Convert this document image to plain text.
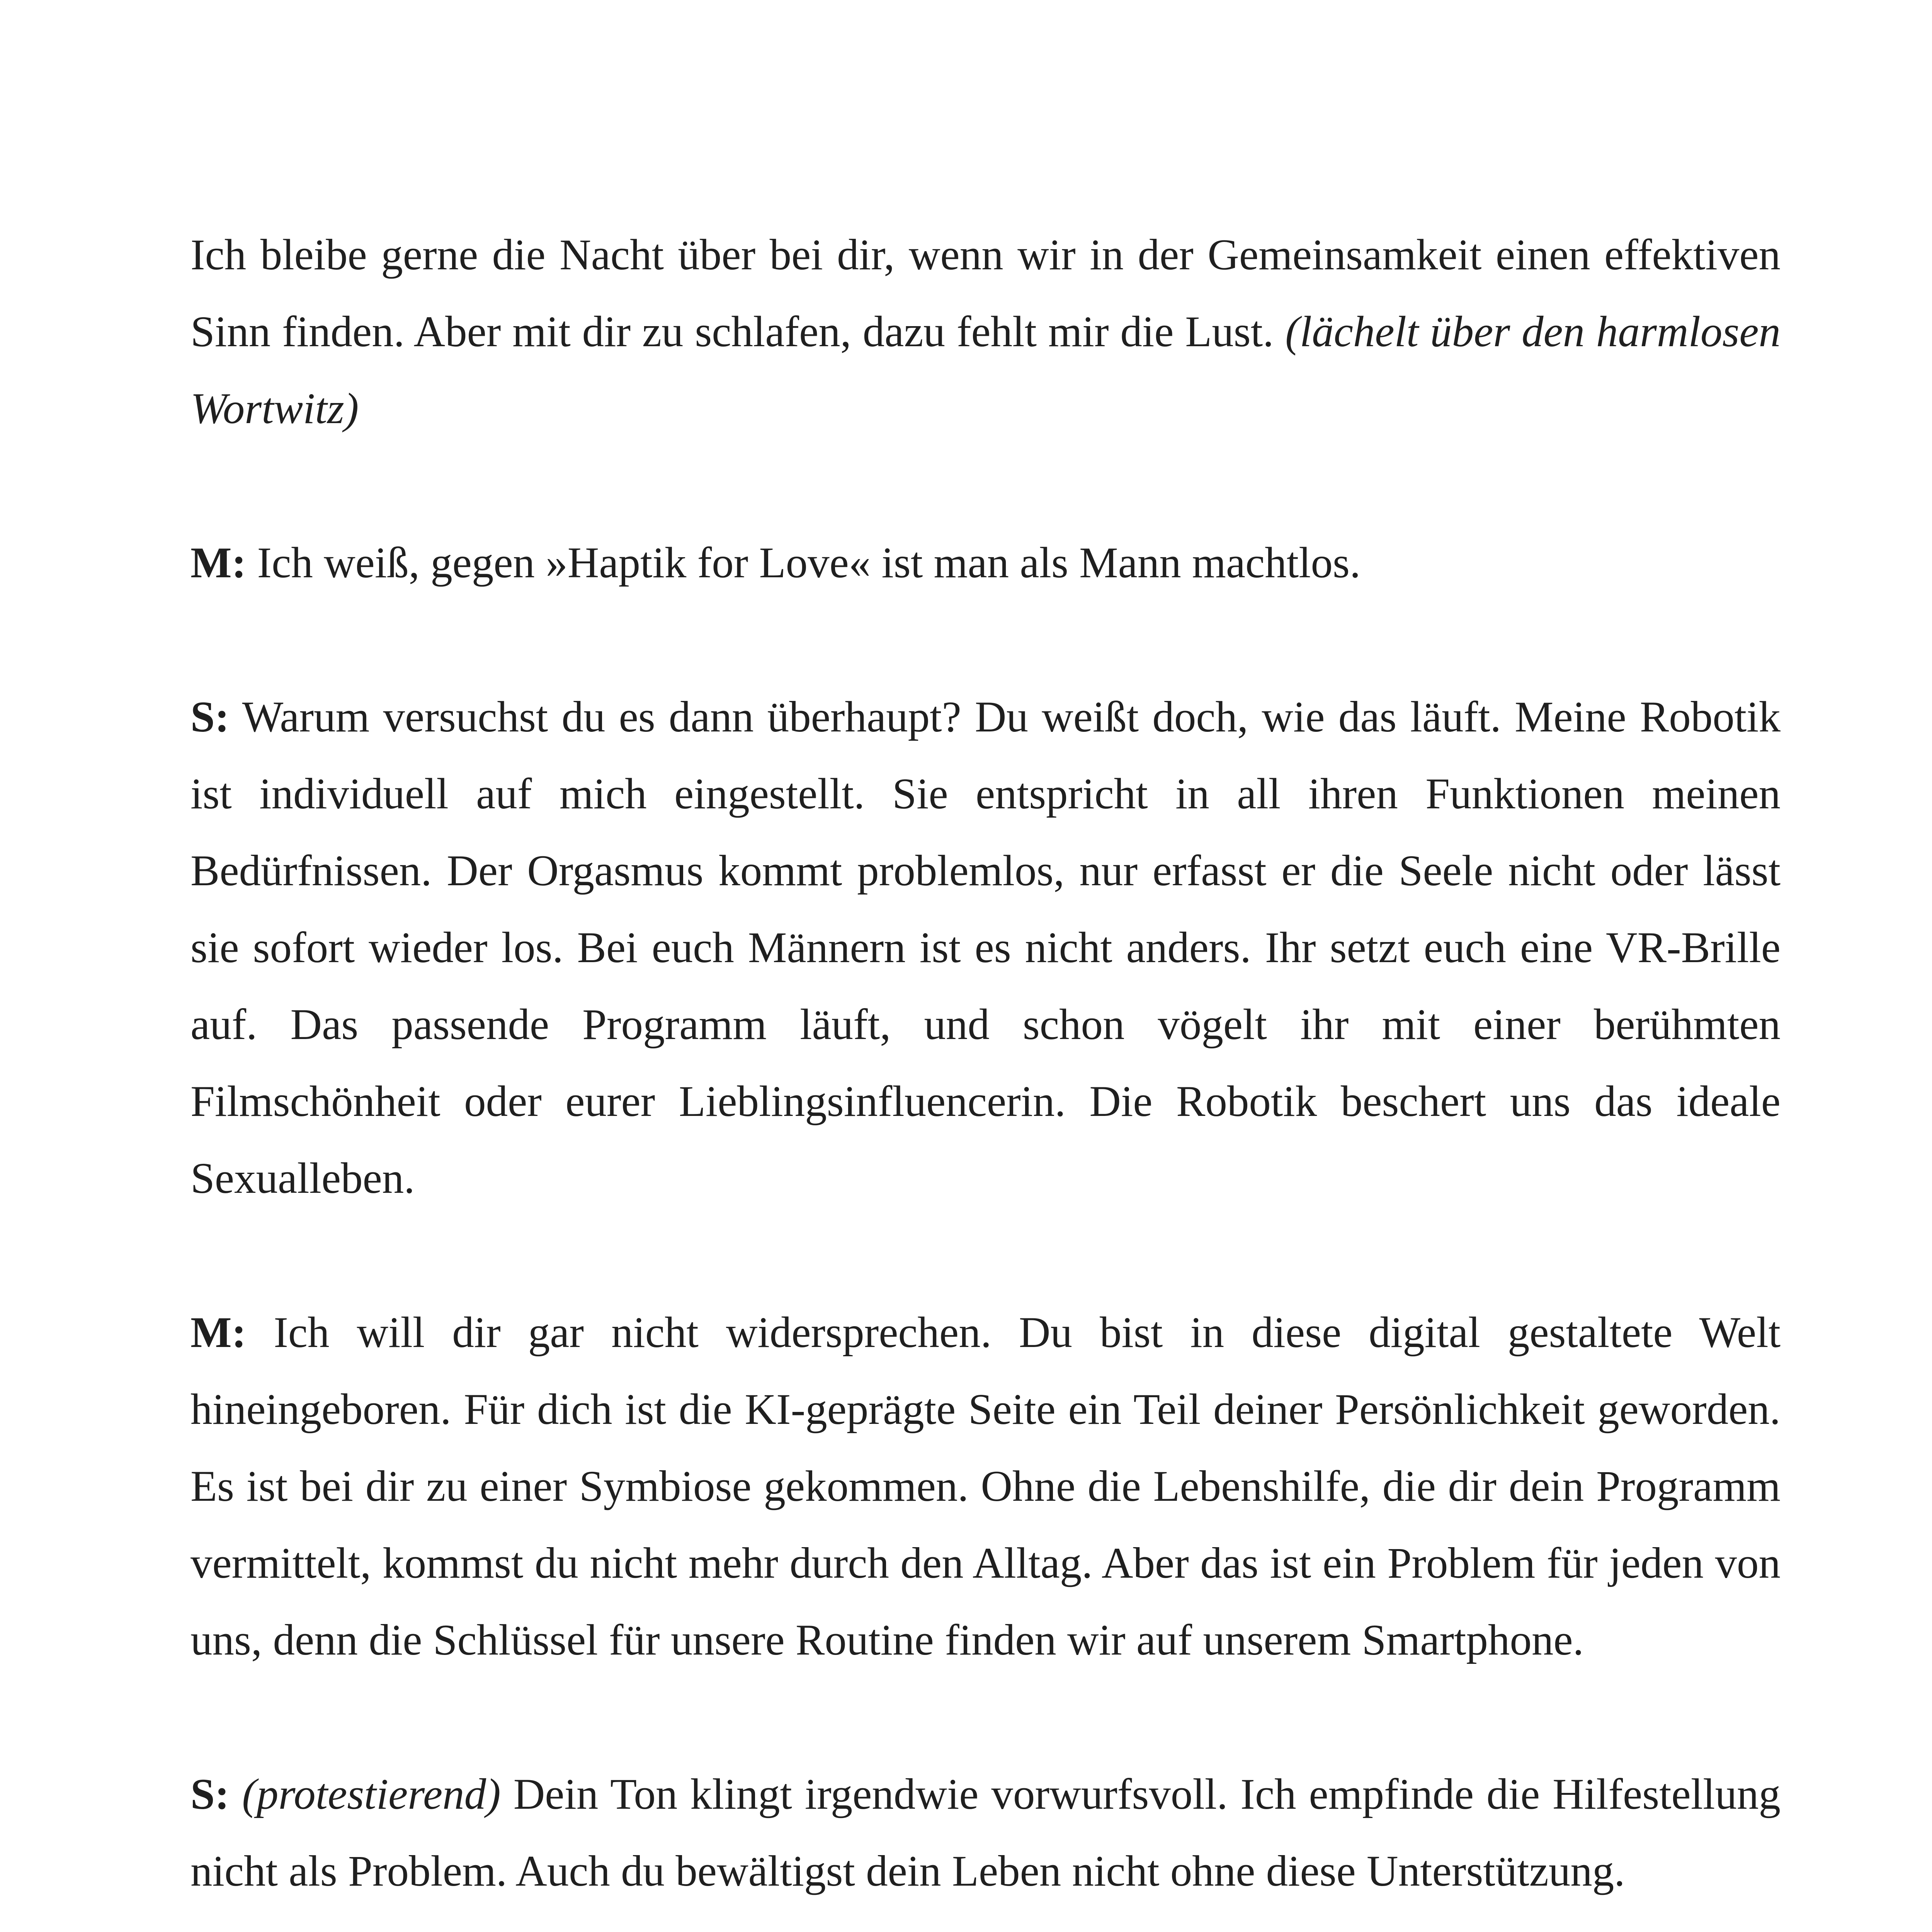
Ich bleibe gerne die Nacht über bei dir, wenn wir in der Gemeinsamkeit einen effektiven Sinn finden. Aber mit dir zu schlafen, dazu fehlt mir die Lust. (lächelt über den harmlosen Wortwitz)

M: Ich weiß, gegen »Haptik for Love« ist man als Mann machtlos.

S: Warum versuchst du es dann überhaupt? Du weißt doch, wie das läuft. Meine Robotik ist individuell auf mich eingestellt. Sie entspricht in all ihren Funktionen meinen Bedürfnissen. Der Orgasmus kommt problemlos, nur erfasst er die Seele nicht oder lässt sie sofort wieder los. Bei euch Männern ist es nicht anders. Ihr setzt euch eine VR-Brille auf. Das passende Programm läuft, und schon vögelt ihr mit einer berühmten Filmschönheit oder eurer Lieblingsinfluencerin. Die Robotik beschert uns das ideale Sexualleben.

M: Ich will dir gar nicht widersprechen. Du bist in diese digital gestaltete Welt hineingeboren. Für dich ist die KI-geprägte Seite ein Teil deiner Persönlichkeit geworden. Es ist bei dir zu einer Symbiose gekommen. Ohne die Lebenshilfe, die dir dein Programm vermittelt, kommst du nicht mehr durch den Alltag. Aber das ist ein Problem für jeden von uns, denn die Schlüssel für unsere Routine finden wir auf unserem Smartphone.

S: (protestierend) Dein Ton klingt irgendwie vorwurfsvoll. Ich empfinde die Hilfestellung nicht als Problem. Auch du bewältigst dein Leben nicht ohne diese Unterstützung.
